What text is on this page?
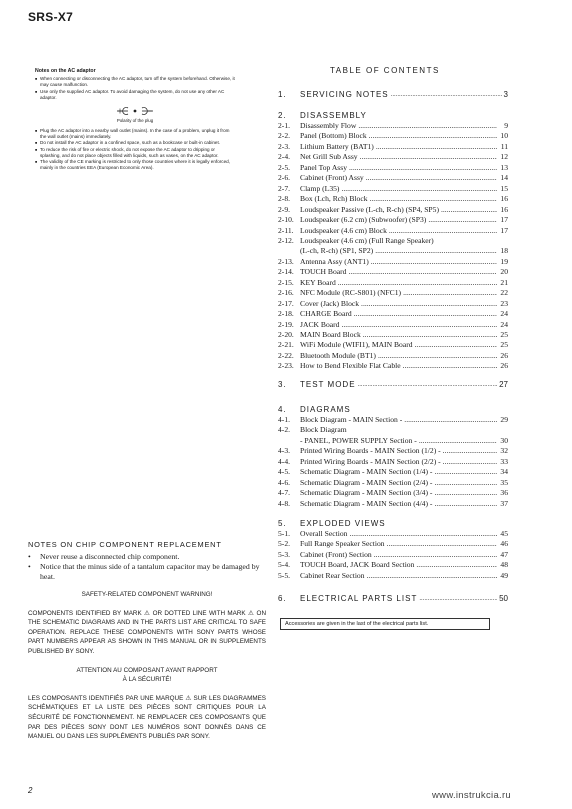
SRS-X7
Notes on the AC adaptor
■ When connecting or disconnecting the AC adaptor, turn off the system beforehand. Otherwise, it may cause malfunction.
■ Use only the supplied AC adaptor. To avoid damaging the system, do not use any other AC adaptor.
Polarity of the plug
■ Plug the AC adaptor into a nearby wall outlet (mains). In the case of a problem, unplug it from the wall outlet (mains) immediately.
■ Do not install the AC adaptor in a confined space, such as a bookcase or built-in cabinet.
■ To reduce the risk of fire or electric shock, do not expose the AC adaptor to dripping or splashing, and do not place objects filled with liquids, such as vases, on the AC adaptor.
■ The validity of the CE marking is restricted to only those countries where it is legally enforced, mainly in the countries EEA (European Economic Area).
NOTES ON CHIP COMPONENT REPLACEMENT
•	Never reuse a disconnected chip component.
•	Notice that the minus side of a tantalum capacitor may be damaged by heat.

SAFETY-RELATED COMPONENT WARNING!

COMPONENTS IDENTIFIED BY MARK ⚠ OR DOTTED LINE WITH MARK ⚠ ON THE SCHEMATIC DIAGRAMS AND IN THE PARTS LIST ARE CRITICAL TO SAFE OPERATION. REPLACE THESE COMPONENTS WITH SONY PARTS WHOSE PART NUMBERS APPEAR AS SHOWN IN THIS MANUAL OR IN SUPPLEMENTS PUBLISHED BY SONY.

ATTENTION AU COMPOSANT AYANT RAPPORT

À LA SÉCURITÉ!

LES COMPOSANTS IDENTIFIÉS PAR UNE MARQUE ⚠ SUR LES DIAGRAMMES SCHÉMATIQUES ET LA LISTE DES PIÈCES SONT CRITIQUES POUR LA SÉCURITÉ DE FONCTIONNEMENT. NE REMPLACER CES COMPOSANTS QUE PAR DES PIÈCES SONY DONT LES NUMÉROS SONT DONNÉS DANS CE MANUEL OU DANS LES SUPPLÉMENTS PUBLIÉS PAR SONY.

TABLE OF CONTENTS
1.	SERVICING NOTES .....	3
2.	DISASSEMBLY
2-1.	Disassembly Flow .....	9
2-2.	Panel (Bottom) Block .....	10
2-3.	Lithium Battery (BAT1) .....	11
2-4.	Net Grill Sub Assy .....	12
2-5.	Panel Top Assy .....	13
2-6.	Cabinet (Front) Assy .....	14
2-7.	Clamp (L35) .....	15
2-8.	Box (Lch, Rch) Block .....	16
2-9.	Loudspeaker Passive (L-ch, R-ch) (SP4, SP5) .....	16
2-10. Loudspeaker (6.2 cm) (Subwoofer) (SP3) .....	17
2-11. Loudspeaker (4.6 cm) Block .....	17
2-12. Loudspeaker (4.6 cm) (Full Range Speaker)
(L-ch, R-ch) (SP1, SP2) .....	18
2-13. Antenna Assy (ANT1) .....	19
2-14. TOUCH Board .....	20
2-15. KEY Board .....	21
2-16. NFC Module (RC-S801) (NFC1) .....	22
2-17. Cover (Jack) Block .....	23
2-18. CHARGE Board .....	24
2-19. JACK Board .....	24
2-20. MAIN Board Block .....	25
2-21. WiFi Module (WIFI1), MAIN Board .....	25
2-22. Bluetooth Module (BT1) .....	26
2-23. How to Bend Flexible Flat Cable .....	26
3.	TEST MODE .....	27
4.	DIAGRAMS
4-1.	Block Diagram - MAIN Section - .....	29
4-2.	Block Diagram
- PANEL, POWER SUPPLY Section - .....	30
4-3.	Printed Wiring Boards - MAIN Section (1/2) - .....	32
4-4.	Printed Wiring Boards - MAIN Section (2/2) - .....	33
4-5.	Schematic Diagram - MAIN Section (1/4) - .....	34
4-6.	Schematic Diagram - MAIN Section (2/4) - .....	35
4-7.	Schematic Diagram - MAIN Section (3/4) - .....	36
4-8.	Schematic Diagram - MAIN Section (4/4) - .....	37
5.	EXPLODED VIEWS
5-1.	Overall Section .....	45
5-2.	Full Range Speaker Section .....	46
5-3.	Cabinet (Front) Section .....	47
5-4.	TOUCH Board, JACK Board Section .....	48
5-5.	Cabinet Rear Section .....	49
6.	ELECTRICAL PARTS LIST .....	50
Accessories are given in the last of the electrical parts list.
2	www.instrukcia.ru
